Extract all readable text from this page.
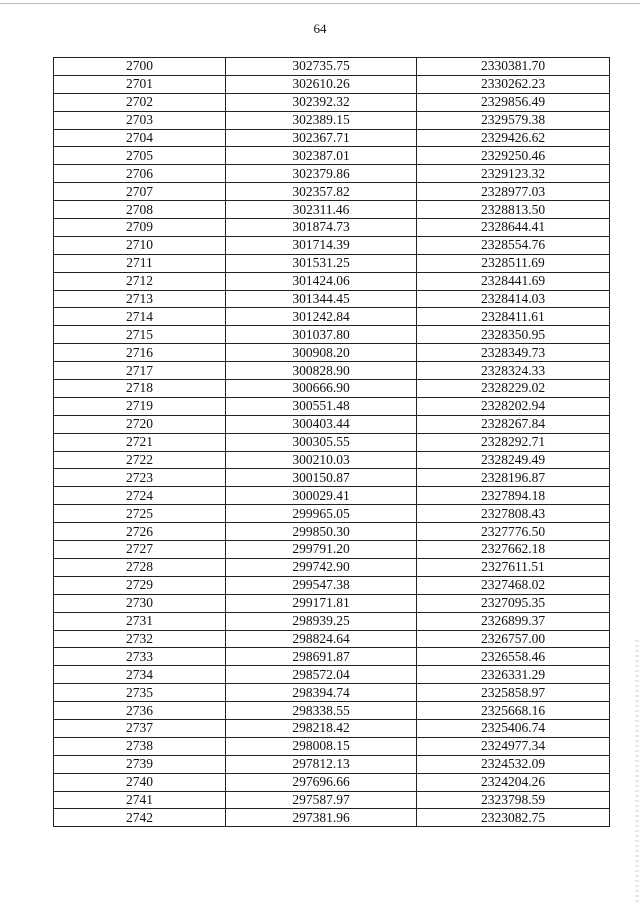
64
2700	302735.75	2330381.70
2701	302610.26	2330262.23
2702	302392.32	2329856.49
2703	302389.15	2329579.38
2704	302367.71	2329426.62
2705	302387.01	2329250.46
2706	302379.86	2329123.32
2707	302357.82	2328977.03
2708	302311.46	2328813.50
2709	301874.73	2328644.41
2710	301714.39	2328554.76
2711	301531.25	2328511.69
2712	301424.06	2328441.69
2713	301344.45	2328414.03
2714	301242.84	2328411.61
2715	301037.80	2328350.95
2716	300908.20	2328349.73
2717	300828.90	2328324.33
2718	300666.90	2328229.02
2719	300551.48	2328202.94
2720	300403.44	2328267.84
2721	300305.55	2328292.71
2722	300210.03	2328249.49
2723	300150.87	2328196.87
2724	300029.41	2327894.18
2725	299965.05	2327808.43
2726	299850.30	2327776.50
2727	299791.20	2327662.18
2728	299742.90	2327611.51
2729	299547.38	2327468.02
2730	299171.81	2327095.35
2731	298939.25	2326899.37
2732	298824.64	2326757.00
2733	298691.87	2326558.46
2734	298572.04	2326331.29
2735	298394.74	2325858.97
2736	298338.55	2325668.16
2737	298218.42	2325406.74
2738	298008.15	2324977.34
2739	297812.13	2324532.09
2740	297696.66	2324204.26
2741	297587.97	2323798.59
2742	297381.96	2323082.75
